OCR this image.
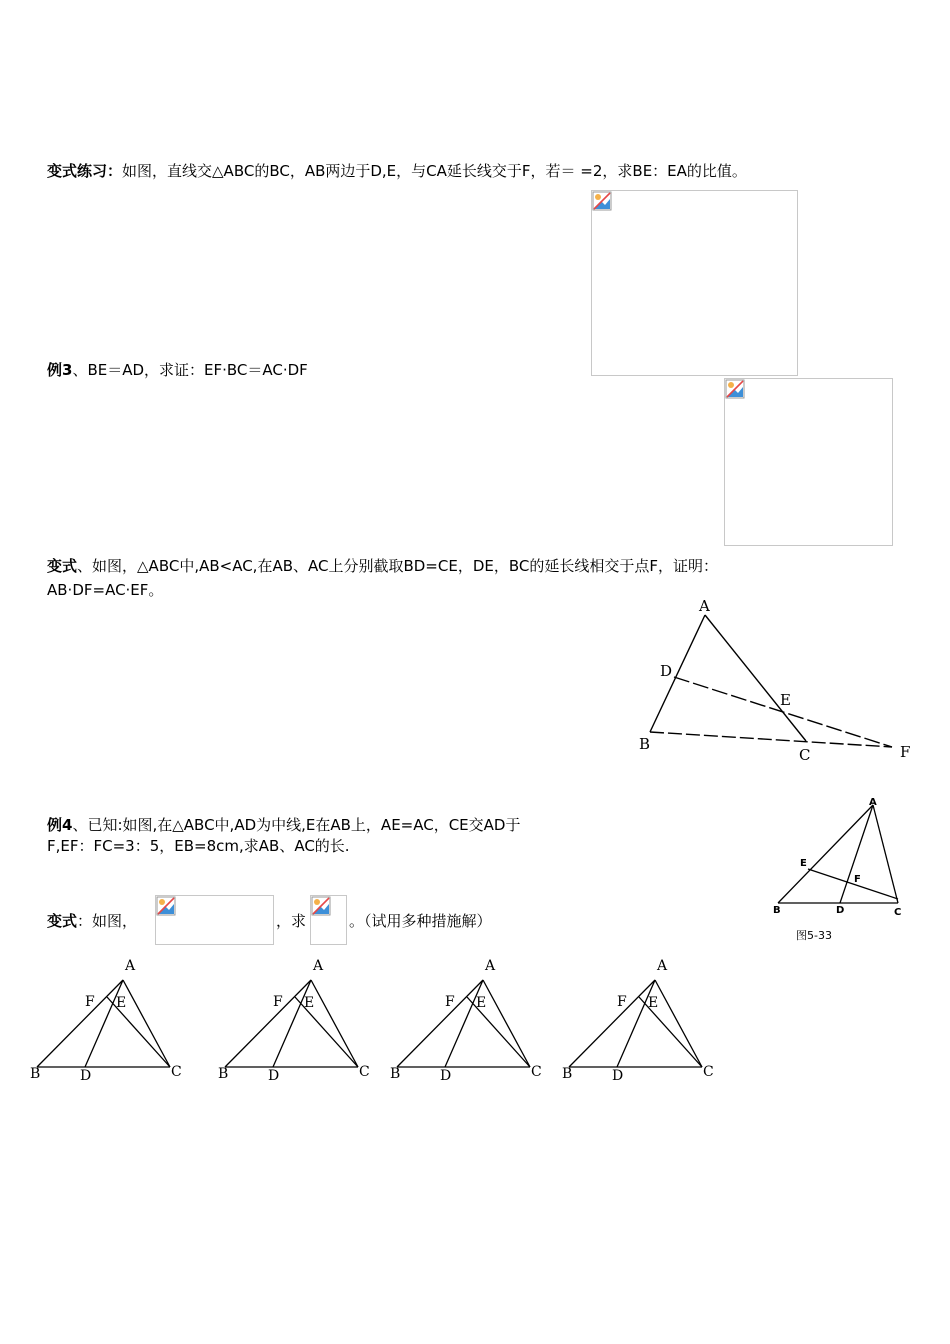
变式练习：如图，直线交△ABC的BC，AB两边于D,E，与CA延长线交于F，若＝ =2，求BE：EA的比值。
例3、BE＝AD，求证：EF·BC＝AC·DF
变式、如图，△ABC中,AB<AC,在AB、AC上分别截取BD=CE，DE，BC的延长线相交于点F，证明：
AB·DF=AC·EF。
A
D
E
B
C	F
例4、已知:如图,在△ABC中,AD为中线,E在AB上，AE=AC，CE交AD于
F,EF：FC=3：5，EB=8cm,求AB、AC的长.
A
E
F
B	D	C
图5-33
变式：如图，	，求	。（试用多种措施解）
A
F E
B	D	C
A
F E
B	D	C
A
F E
B	D	C
A
F E
B	D	C
